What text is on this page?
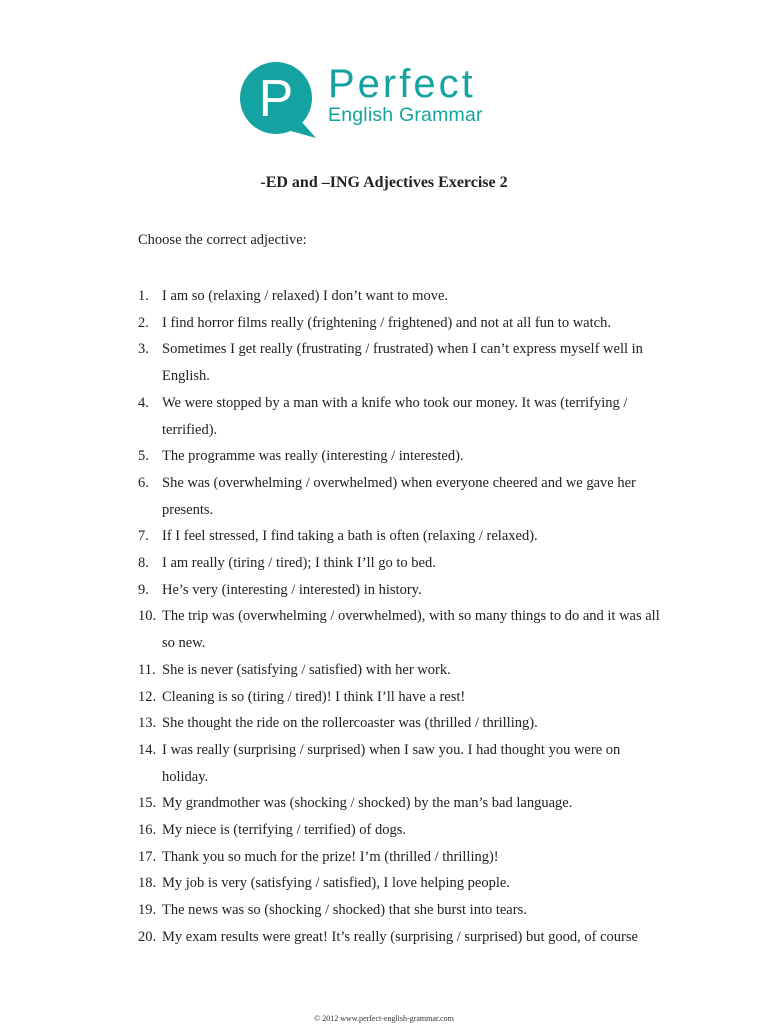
P Perfect
English Grammar
-ED and –ING Adjectives Exercise 2

Choose the correct adjective:

1. I am so (relaxing / relaxed) I don’t want to move.
2. I find horror films really (frightening / frightened) and not at all fun to watch.
3. Sometimes I get really (frustrating / frustrated) when I can’t express myself well in English.
4. We were stopped by a man with a knife who took our money. It was (terrifying / terrified).
5. The programme was really (interesting / interested).
6. She was (overwhelming / overwhelmed) when everyone cheered and we gave her presents.
7. If I feel stressed, I find taking a bath is often (relaxing / relaxed).
8. I am really (tiring / tired); I think I’ll go to bed.
9. He’s very (interesting / interested) in history.
10. The trip was (overwhelming / overwhelmed), with so many things to do and it was all so new.
11. She is never (satisfying / satisfied) with her work.
12. Cleaning is so (tiring / tired)! I think I’ll have a rest!
13. She thought the ride on the rollercoaster was (thrilled / thrilling).
14. I was really (surprising / surprised) when I saw you. I had thought you were on holiday.
15. My grandmother was (shocking / shocked) by the man’s bad language.
16. My niece is (terrifying / terrified) of dogs.
17. Thank you so much for the prize! I’m (thrilled / thrilling)!
18. My job is very (satisfying / satisfied), I love helping people.
19. The news was so (shocking / shocked) that she burst into tears.
20. My exam results were great! It’s really (surprising / surprised) but good, of course
© 2012 www.perfect-english-grammar.com
